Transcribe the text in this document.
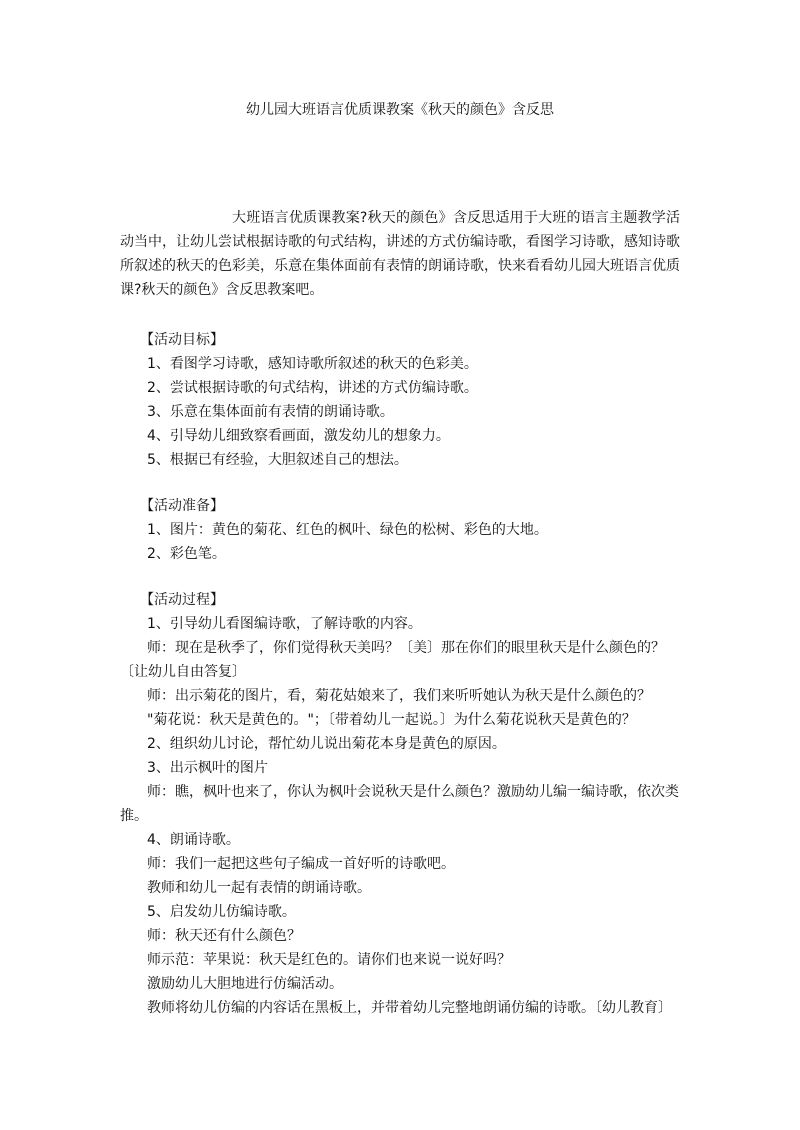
幼儿园大班语言优质课教案《秋天的颜色》含反思
大班语言优质课教案?秋天的颜色》含反思适用于大班的语言主题教学活动当中，让幼儿尝试根据诗歌的句式结构，讲述的方式仿编诗歌，看图学习诗歌，感知诗歌所叙述的秋天的色彩美，乐意在集体面前有表情的朗诵诗歌，快来看看幼儿园大班语言优质课?秋天的颜色》含反思教案吧。
【活动目标】
1、看图学习诗歌，感知诗歌所叙述的秋天的色彩美。
2、尝试根据诗歌的句式结构，讲述的方式仿编诗歌。
3、乐意在集体面前有表情的朗诵诗歌。
4、引导幼儿细致察看画面，激发幼儿的想象力。
5、根据已有经验，大胆叙述自己的想法。
【活动准备】
1、图片：黄色的菊花、红色的枫叶、绿色的松树、彩色的大地。
2、彩色笔。
【活动过程】
1、引导幼儿看图编诗歌，了解诗歌的内容。
师：现在是秋季了，你们觉得秋天美吗？〔美〕那在你们的眼里秋天是什么颜色的？〔让幼儿自由答复〕
师：出示菊花的图片，看，菊花姑娘来了，我们来听听她认为秋天是什么颜色的？
"菊花说：秋天是黄色的。"；〔带着幼儿一起说。〕为什么菊花说秋天是黄色的？
2、组织幼儿讨论，帮忙幼儿说出菊花本身是黄色的原因。
3、出示枫叶的图片
师：瞧，枫叶也来了，你认为枫叶会说秋天是什么颜色？激励幼儿编一编诗歌，依次类推。
4、朗诵诗歌。
师：我们一起把这些句子编成一首好听的诗歌吧。
教师和幼儿一起有表情的朗诵诗歌。
5、启发幼儿仿编诗歌。
师：秋天还有什么颜色？
师示范：苹果说：秋天是红色的。请你们也来说一说好吗？
激励幼儿大胆地进行仿编活动。
教师将幼儿仿编的内容话在黑板上，并带着幼儿完整地朗诵仿编的诗歌。〔幼儿教育〕
